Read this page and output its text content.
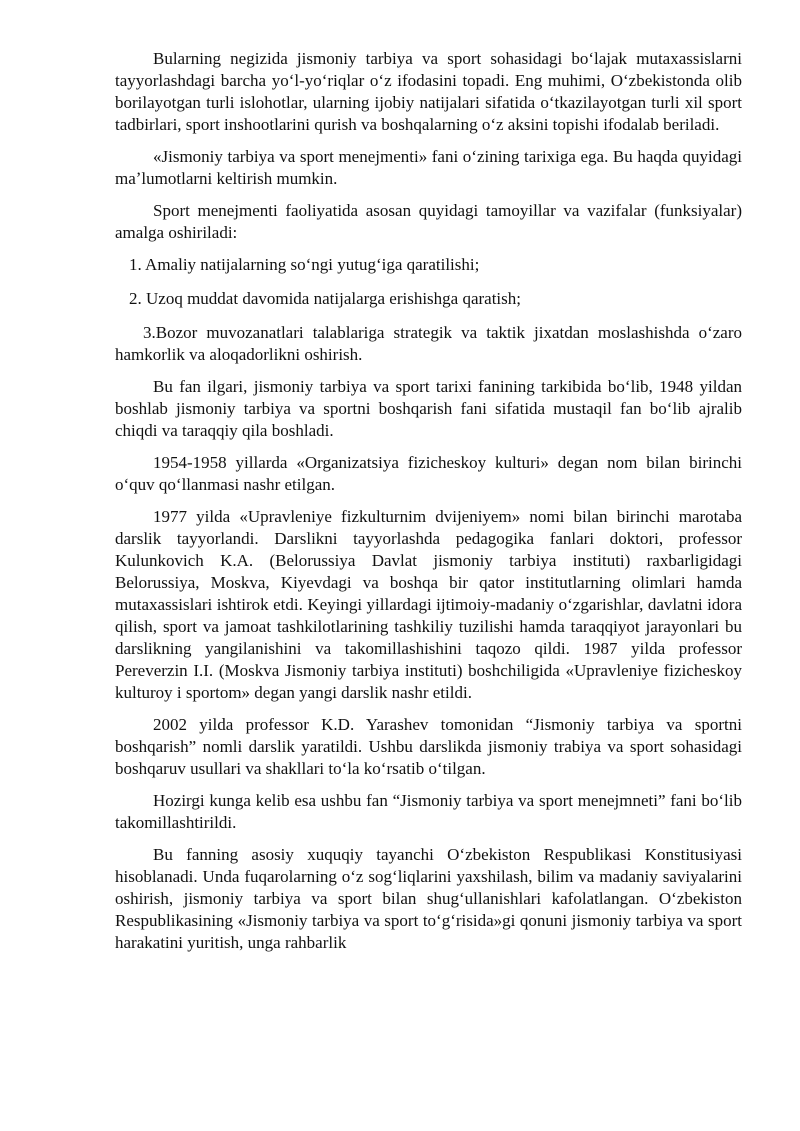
Bularning negizida jismoniy tarbiya va sport sohasidagi boʻlajak mutaxassislarni tayyorlashdagi barcha yoʻl-yoʻriqlar oʻz ifodasini topadi. Eng muhimi, Oʻzbekistonda olib borilayotgan turli islohotlar, ularning ijobiy natijalari sifatida oʻtkazilayotgan turli xil sport tadbirlari, sport inshootlarini qurish va boshqalarning oʻz aksini topishi ifodalab beriladi.

«Jismoniy tarbiya va sport menejmenti» fani oʻzining tarixiga ega. Bu haqda quyidagi maʼlumotlarni keltirish mumkin.

Sport menejmenti faoliyatida asosan quyidagi tamoyillar va vazifalar (funksiyalar) amalga oshiriladi:

1. Amaliy natijalarning soʻngi yutugʻiga qaratilishi;

2. Uzoq muddat davomida natijalarga erishishga qaratish;

3.Bozor muvozanatlari talablariga strategik va taktik jixatdan moslashishda oʻzaro hamkorlik va aloqadorlikni oshirish.

Bu fan ilgari, jismoniy tarbiya va sport tarixi fanining tarkibida boʻlib, 1948 yildan boshlab jismoniy tarbiya va sportni boshqarish fani sifatida mustaqil fan boʻlib ajralib chiqdi va taraqqiy qila boshladi.

1954-1958 yillarda «Organizatsiya fizicheskoy kulturi» degan nom bilan birinchi oʻquv qoʻllanmasi nashr etilgan.

1977 yilda «Upravleniye fizkulturnim dvijeniyem» nomi bilan birinchi marotaba darslik tayyorlandi. Darslikni tayyorlashda pedagogika fanlari doktori, professor Kulunkovich K.A. (Belorussiya Davlat jismoniy tarbiya instituti) raxbarligidagi Belorussiya, Moskva, Kiyevdagi va boshqa bir qator institutlarning olimlari hamda mutaxassislari ishtirok etdi. Keyingi yillardagi ijtimoiy-madaniy oʻzgarishlar, davlatni idora qilish, sport va jamoat tashkilotlarining tashkiliy tuzilishi hamda taraqqiyot jarayonlari bu darslikning yangilanishini va takomillashishini taqozo qildi. 1987 yilda professor Pereverzin I.I. (Moskva Jismoniy tarbiya instituti) boshchiligida «Upravleniye fizicheskoy kulturoy i sportom» degan yangi darslik nashr etildi.

2002 yilda professor K.D. Yarashev tomonidan “Jismoniy tarbiya va sportni boshqarish” nomli darslik yaratildi. Ushbu darslikda jismoniy trabiya va sport sohasidagi boshqaruv usullari va shakllari toʻla koʻrsatib oʻtilgan.

Hozirgi kunga kelib esa ushbu fan “Jismoniy tarbiya va sport menejmneti” fani boʻlib takomillashtirildi.

Bu fanning asosiy xuquqiy tayanchi Oʻzbekiston Respublikasi Konstitusiyasi hisoblanadi. Unda fuqarolarning oʻz sogʻliqlarini yaxshilash, bilim va madaniy saviyalarini oshirish, jismoniy tarbiya va sport bilan shugʻullanishlari kafolatlangan. Oʻzbekiston Respublikasining «Jismoniy tarbiya va sport toʻgʻrisida»gi qonuni jismoniy tarbiya va sport harakatini yuritish, unga rahbarlik
